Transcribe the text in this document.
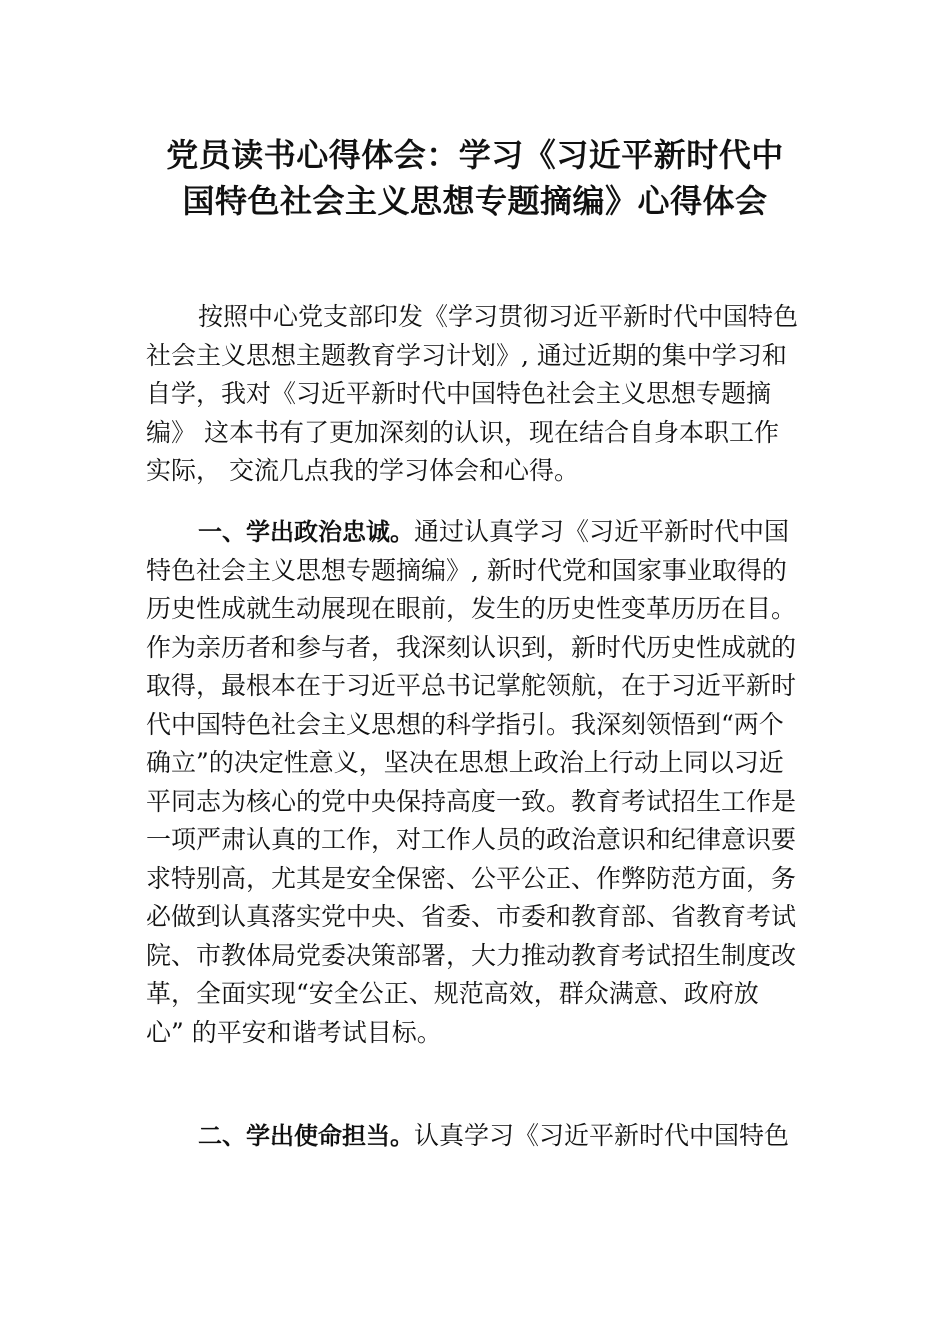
党员读书心得体会：学习《习近平新时代中
国特色社会主义思想专题摘编》心得体会
按照中心党支部印发《学习贯彻习近平新时代中国特色
社会主义思想主题教育学习计划》, 通过近期的集中学习和
自学，我对《习近平新时代中国特色社会主义思想专题摘
编》 这本书有了更加深刻的认识，现在结合自身本职工作
实际， 交流几点我的学习体会和心得。
一、学出政治忠诚。通过认真学习《习近平新时代中国
特色社会主义思想专题摘编》, 新时代党和国家事业取得的
历史性成就生动展现在眼前，发生的历史性变革历历在目。
作为亲历者和参与者，我深刻认识到，新时代历史性成就的
取得，最根本在于习近平总书记掌舵领航，在于习近平新时
代中国特色社会主义思想的科学指引。我深刻领悟到“两个
确立”的决定性意义，坚决在思想上政治上行动上同以习近
平同志为核心的党中央保持高度一致。教育考试招生工作是
一项严肃认真的工作，对工作人员的政治意识和纪律意识要
求特别高，尤其是安全保密、公平公正、作弊防范方面，务
必做到认真落实党中央、省委、市委和教育部、省教育考试
院、市教体局党委决策部署，大力推动教育考试招生制度改
革，全面实现“安全公正、规范高效，群众满意、政府放
心” 的平安和谐考试目标。
二、学出使命担当。认真学习《习近平新时代中国特色
